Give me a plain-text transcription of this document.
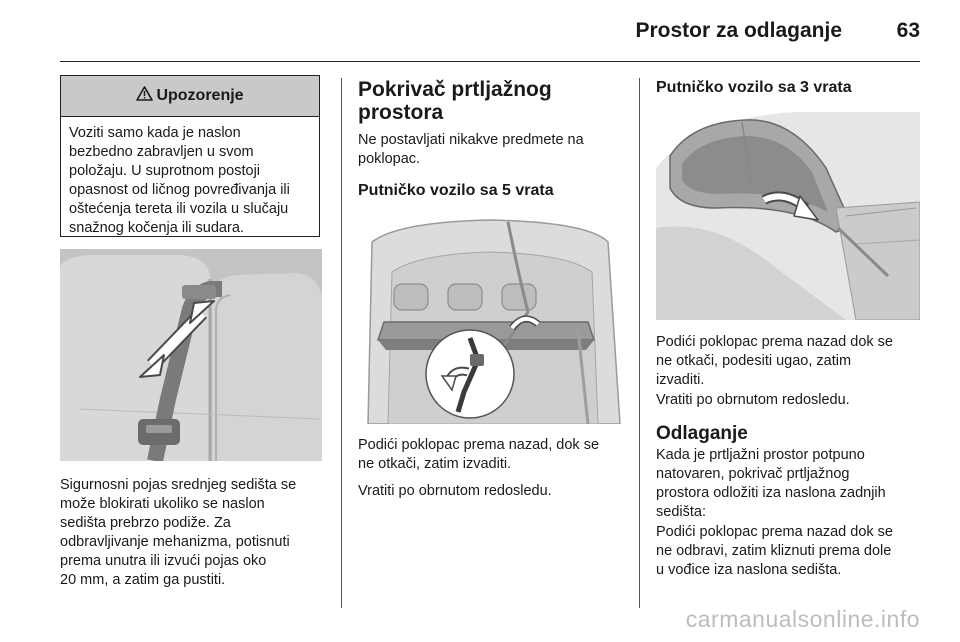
Prostor za odlaganje	63
Upozorenje

Voziti samo kada je naslon

bezbedno zabravljen u svom

položaju. U suprotnom postoji

opasnost od ličnog povređivanja ili

oštećenja tereta ili vozila u slučaju

snažnog kočenja ili sudara.

Sigurnosni pojas srednjeg sedišta se

može blokirati ukoliko se naslon

sedišta prebrzo podiže. Za

odbravljivanje mehanizma, potisnuti

prema unutra ili izvući pojas oko

20 mm, a zatim ga pustiti.

Pokrivač prtljažnog

prostora

Ne postavljati nikakve predmete na

poklopac.

Putničko vozilo sa 5 vrata

Podići poklopac prema nazad, dok se

ne otkači, zatim izvaditi.

Vratiti po obrnutom redosledu.
Putničko vozilo sa 3 vrata

Podići poklopac prema nazad dok se

ne otkači, podesiti ugao, zatim

izvaditi.

Vratiti po obrnutom redosledu.
Odlaganje

Kada je prtljažni prostor potpuno

natovaren, pokrivač prtljažnog

prostora odložiti iza naslona zadnjih

sedišta:

Podići poklopac prema nazad dok se

ne odbravi, zatim kliznuti prema dole

u vođice iza naslona sedišta.

carmanualsonline.info
